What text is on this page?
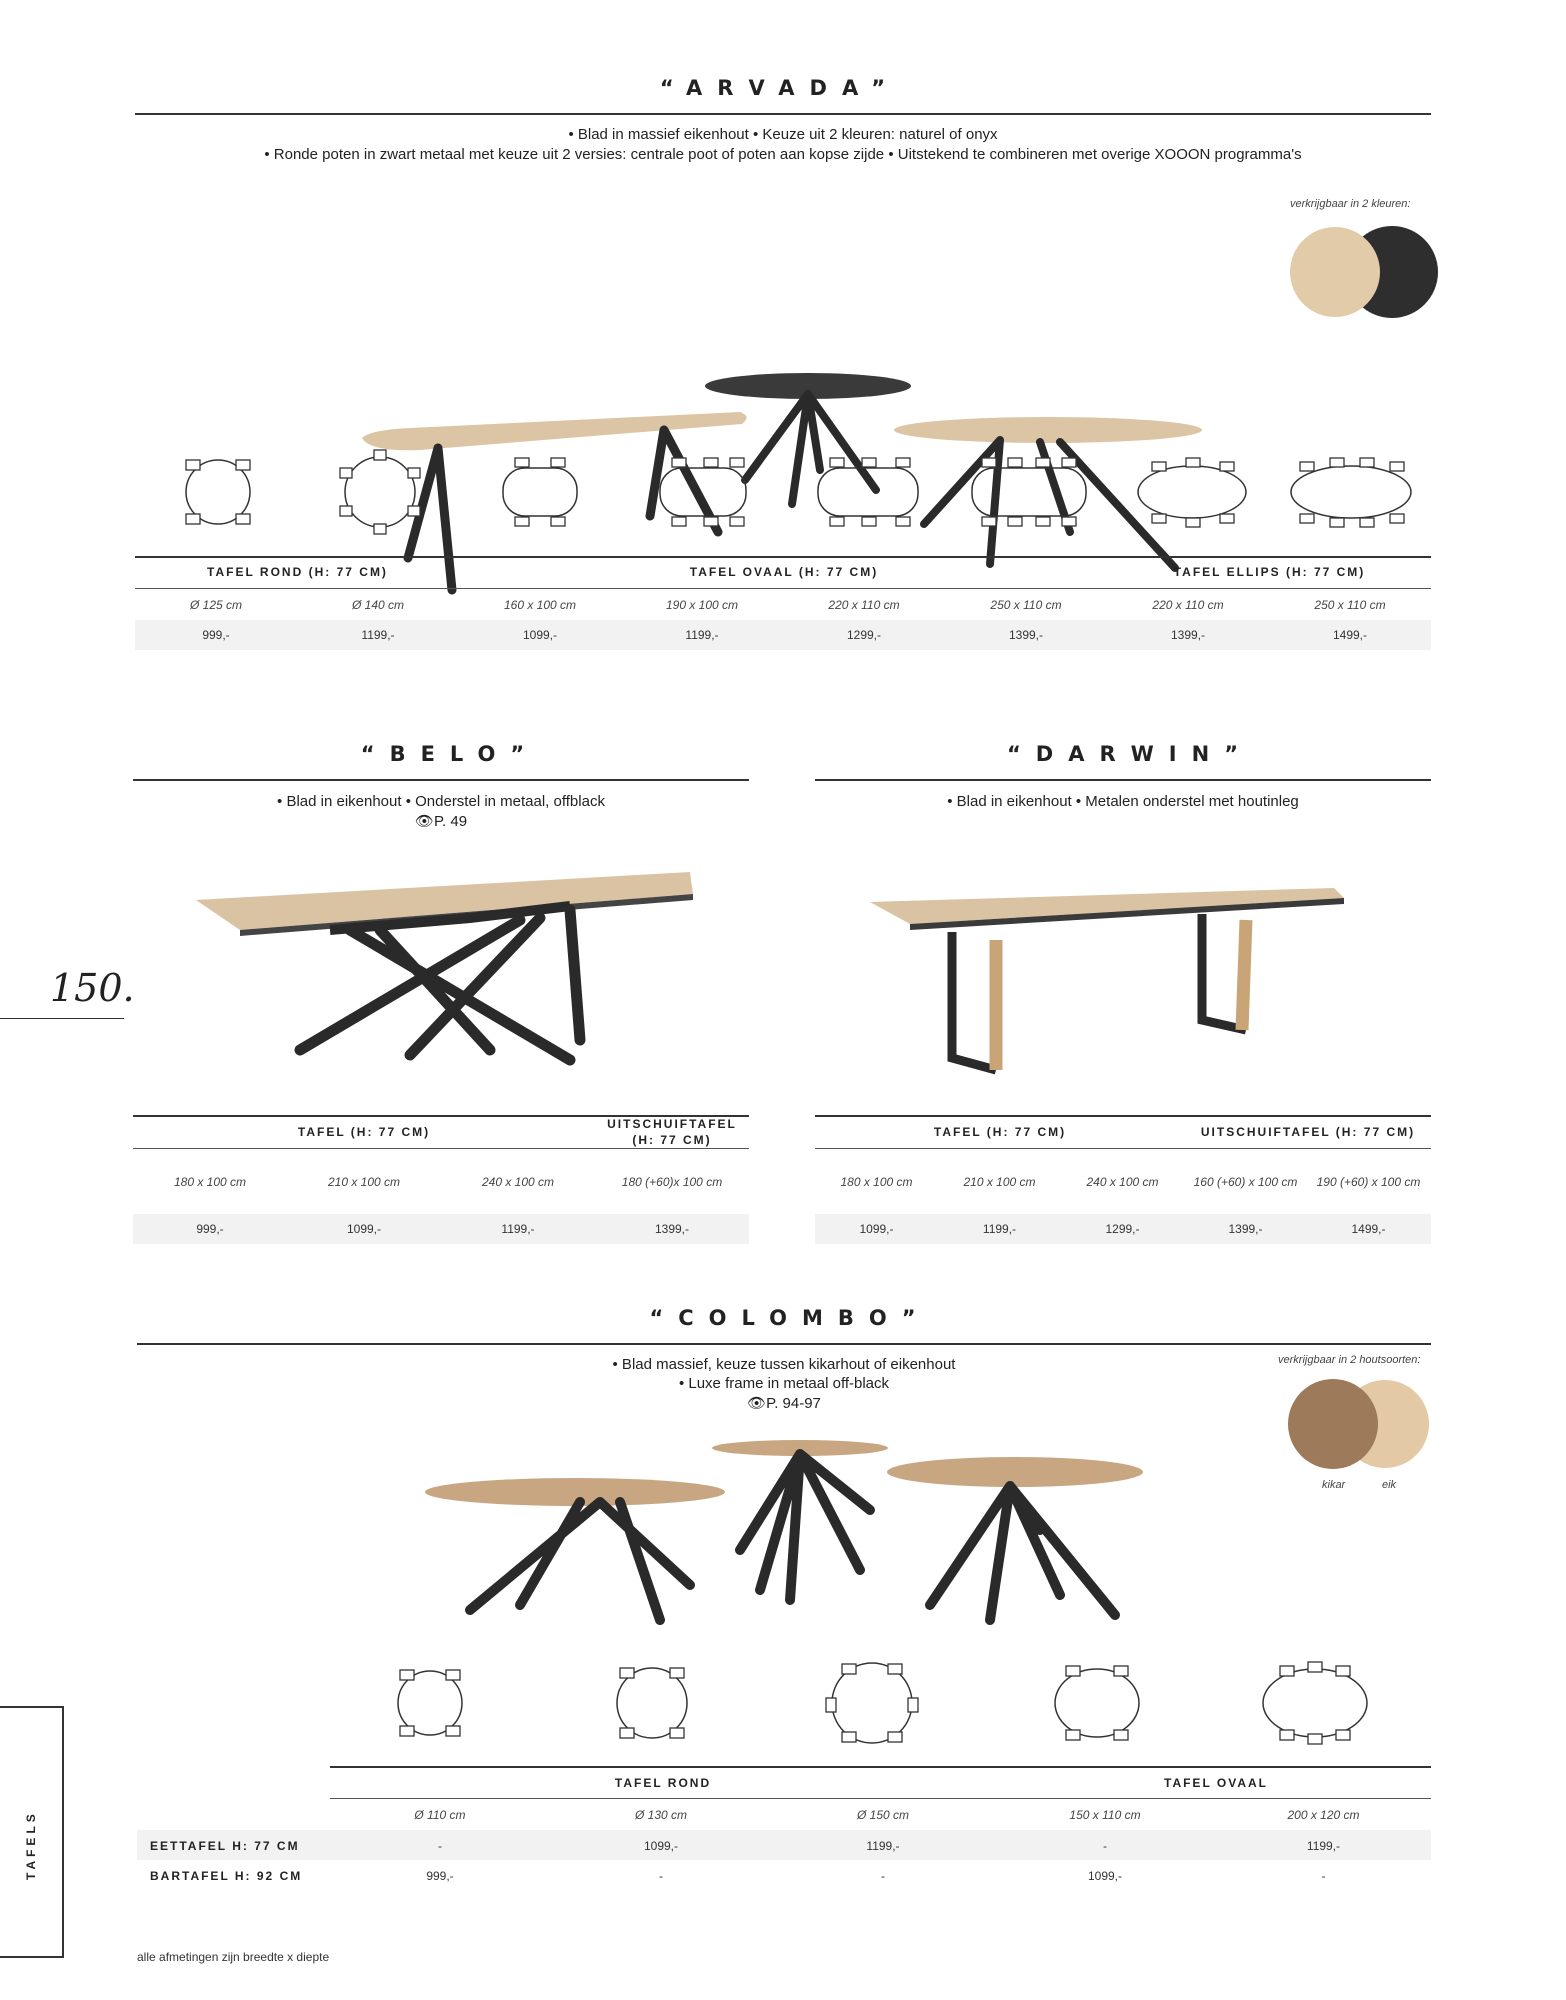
“ARVADA”
• Blad in massief eikenhout • Keuze uit 2 kleuren: naturel of onyx
• Ronde poten in zwart metaal met keuze uit 2 versies: centrale poot of poten aan kopse zijde • Uitstekend te combineren met overige XOOON programma's
verkrijgbaar in 2 kleuren:
TAFEL ROND (H: 77 CM)	TAFEL OVAAL (H: 77 CM)	TAFEL ELLIPS (H: 77 CM)
Ø 125 cm	Ø 140 cm	160 x 100 cm	190 x 100 cm	220 x 110 cm	250 x 110 cm	220 x 110 cm	250 x 110 cm
999,-	1199,-	1099,-	1199,-	1299,-	1399,-	1399,-	1499,-
“BELO”
• Blad in eikenhout • Onderstel in metaal, offblack
👁P. 49
TAFEL (H: 77 CM)
UITSCHUIFTAFEL
(H: 77 CM)
180 x 100 cm	210 x 100 cm	240 x 100 cm	180 (+60)x 100 cm
999,-	1099,-	1199,-	1399,-
“DARWIN”
• Blad in eikenhout • Metalen onderstel met houtinleg
TAFEL (H: 77 CM)	UITSCHUIFTAFEL (H: 77 CM)
180 x 100 cm	210 x 100 cm	240 x 100 cm	160 (+60) x 100 cm	190 (+60) x 100 cm
1099,-	1199,-	1299,-	1399,-	1499,-
150.
“COLOMBO”
• Blad massief, keuze tussen kikarhout of eikenhout
• Luxe frame in metaal off-black
👁P. 94-97
verkrijgbaar in 2 houtsoorten:
kikar	eik
TAFEL ROND	TAFEL OVAAL
Ø 110 cm	Ø 130 cm	Ø 150 cm	150 x 110 cm	200 x 120 cm
EETTAFEL H: 77 CM	-	1099,-	1199,-	-	1199,-
BARTAFEL H: 92 CM	999,-	-	-	1099,-	-
TAFELS
alle afmetingen zijn breedte x diepte
